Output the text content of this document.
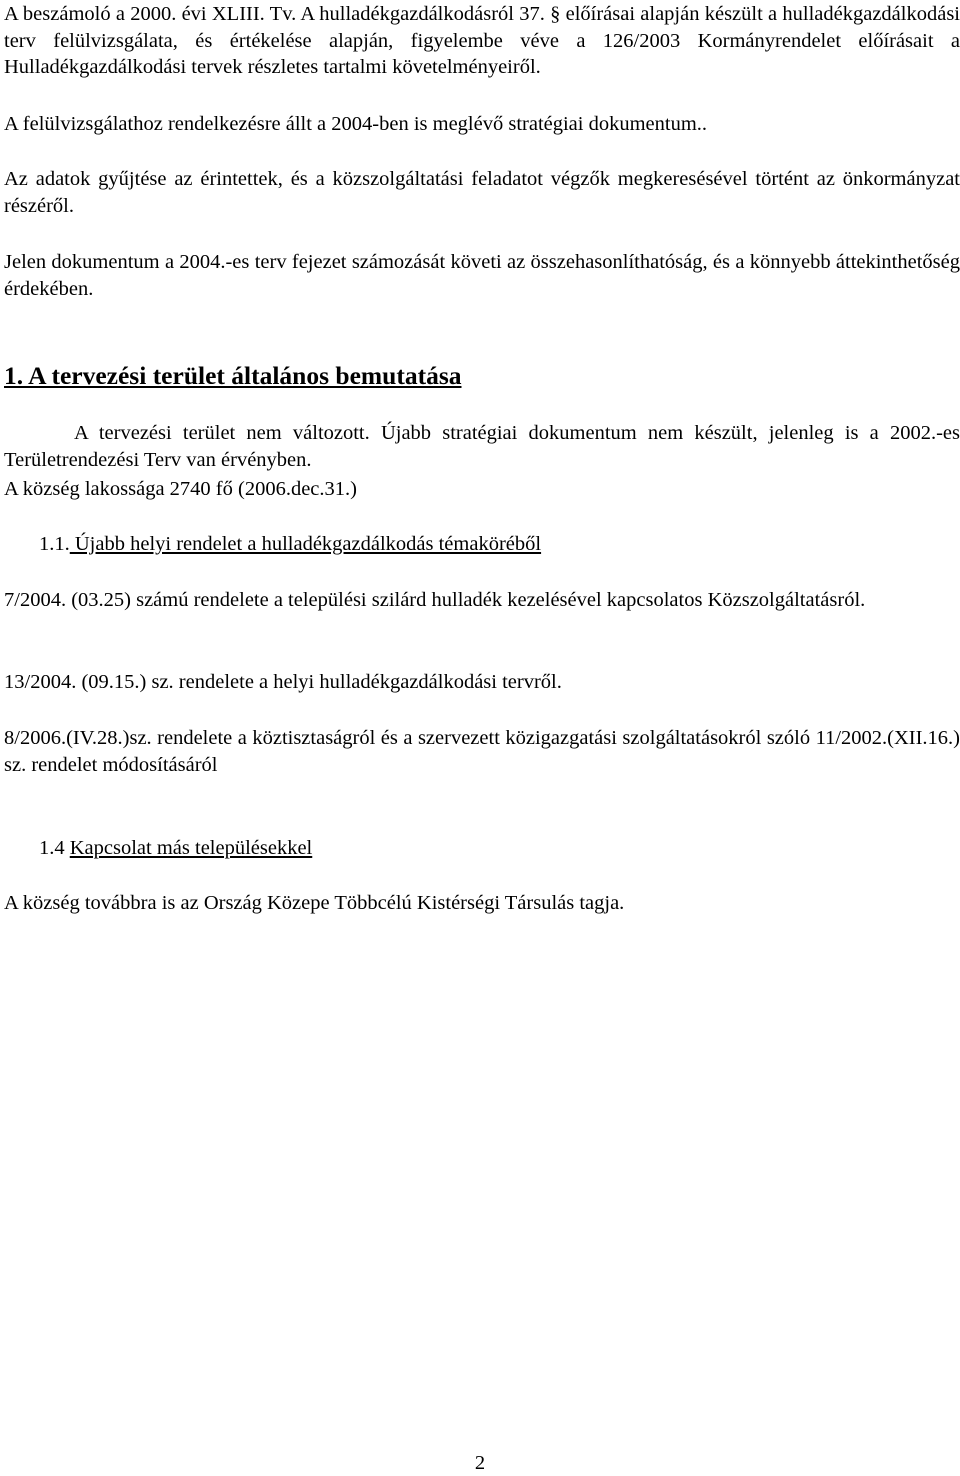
A beszámoló a 2000. évi XLIII. Tv. A hulladékgazdálkodásról 37. § előírásai alapján készült a hulladékgazdálkodási terv felülvizsgálata, és értékelése alapján, figyelembe véve a 126/2003 Kormányrendelet előírásait a Hulladékgazdálkodási tervek részletes tartalmi követelményeiről.

A felülvizsgálathoz rendelkezésre állt a 2004-ben is meglévő stratégiai dokumentum..

Az adatok gyűjtése az érintettek, és a közszolgáltatási feladatot végzők megkeresésével történt az önkormányzat részéről.

Jelen dokumentum a 2004.-es terv fejezet számozását követi az összehasonlíthatóság, és a könnyebb áttekinthetőség érdekében.

1. A tervezési terület általános bemutatása

A tervezési terület nem változott. Újabb stratégiai dokumentum nem készült, jelenleg is a 2002.-es Területrendezési Terv van érvényben.

A község lakossága 2740 fő (2006.dec.31.)

1.1. Újabb helyi rendelet a hulladékgazdálkodás témaköréből

7/2004. (03.25) számú rendelete a települési szilárd hulladék kezelésével kapcsolatos Közszolgáltatásról.

13/2004. (09.15.) sz. rendelete a helyi hulladékgazdálkodási tervről.

8/2006.(IV.28.)sz. rendelete a köztisztaságról és a szervezett közigazgatási szolgáltatásokról szóló 11/2002.(XII.16.) sz. rendelet módosításáról

1.4 Kapcsolat más településekkel

A község továbbra is az Ország Közepe Többcélú Kistérségi Társulás tagja.

2
